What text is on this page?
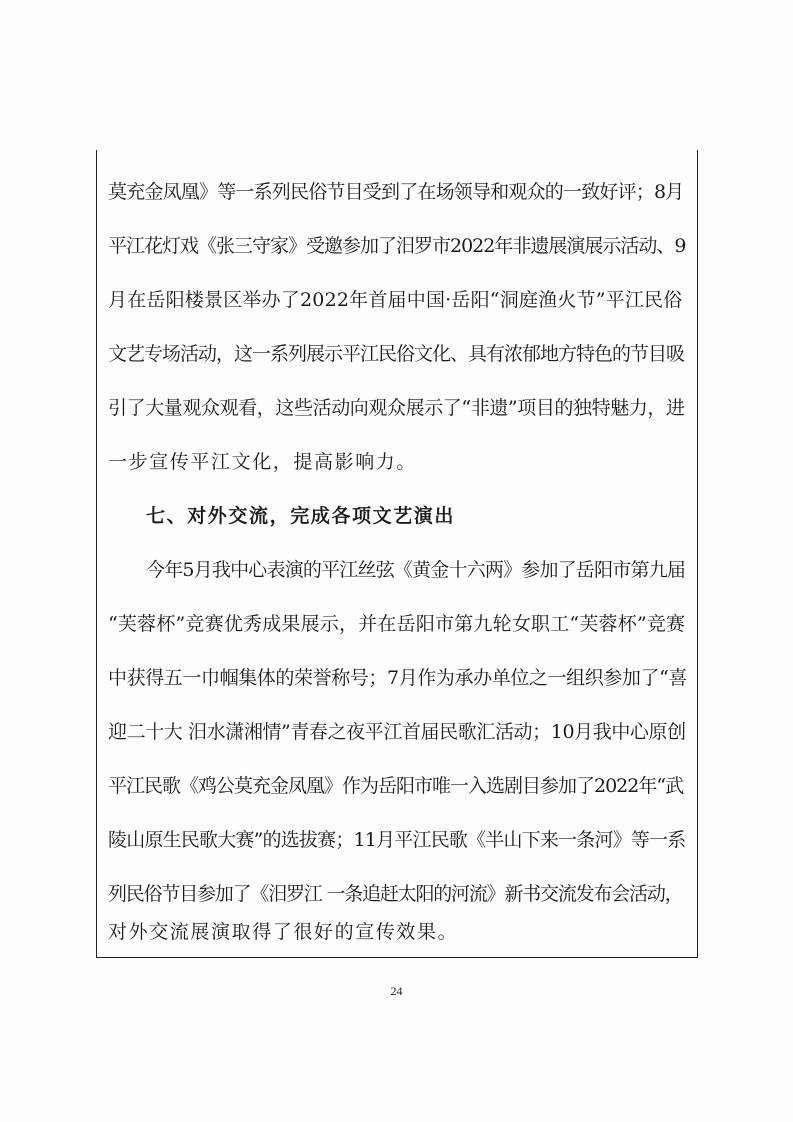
莫充金凤凰》等一系列民俗节目受到了在场领导和观众的一致好评；8月
平江花灯戏《张三守家》受邀参加了汨罗市2022年非遗展演展示活动、9
月在岳阳楼景区举办了2022年首届中国·岳阳“洞庭渔火节”平江民俗
文艺专场活动，这一系列展示平江民俗文化、具有浓郁地方特色的节目吸
引了大量观众观看，这些活动向观众展示了“非遗”项目的独特魅力，进
一步宣传平江文化，提高影响力。
七、对外交流，完成各项文艺演出
今年5月我中心表演的平江丝弦《黄金十六两》参加了岳阳市第九届
“芙蓉杯”竞赛优秀成果展示，并在岳阳市第九轮女职工“芙蓉杯”竞赛
中获得五一巾帼集体的荣誉称号；7月作为承办单位之一组织参加了“喜
迎二十大 汨水潇湘情”青春之夜平江首届民歌汇活动；10月我中心原创
平江民歌《鸡公莫充金凤凰》作为岳阳市唯一入选剧目参加了2022年“武
陵山原生民歌大赛”的选拔赛；11月平江民歌《半山下来一条河》等一系
列民俗节目参加了《汨罗江 一条追赶太阳的河流》新书交流发布会活动，
对外交流展演取得了很好的宣传效果。
24
